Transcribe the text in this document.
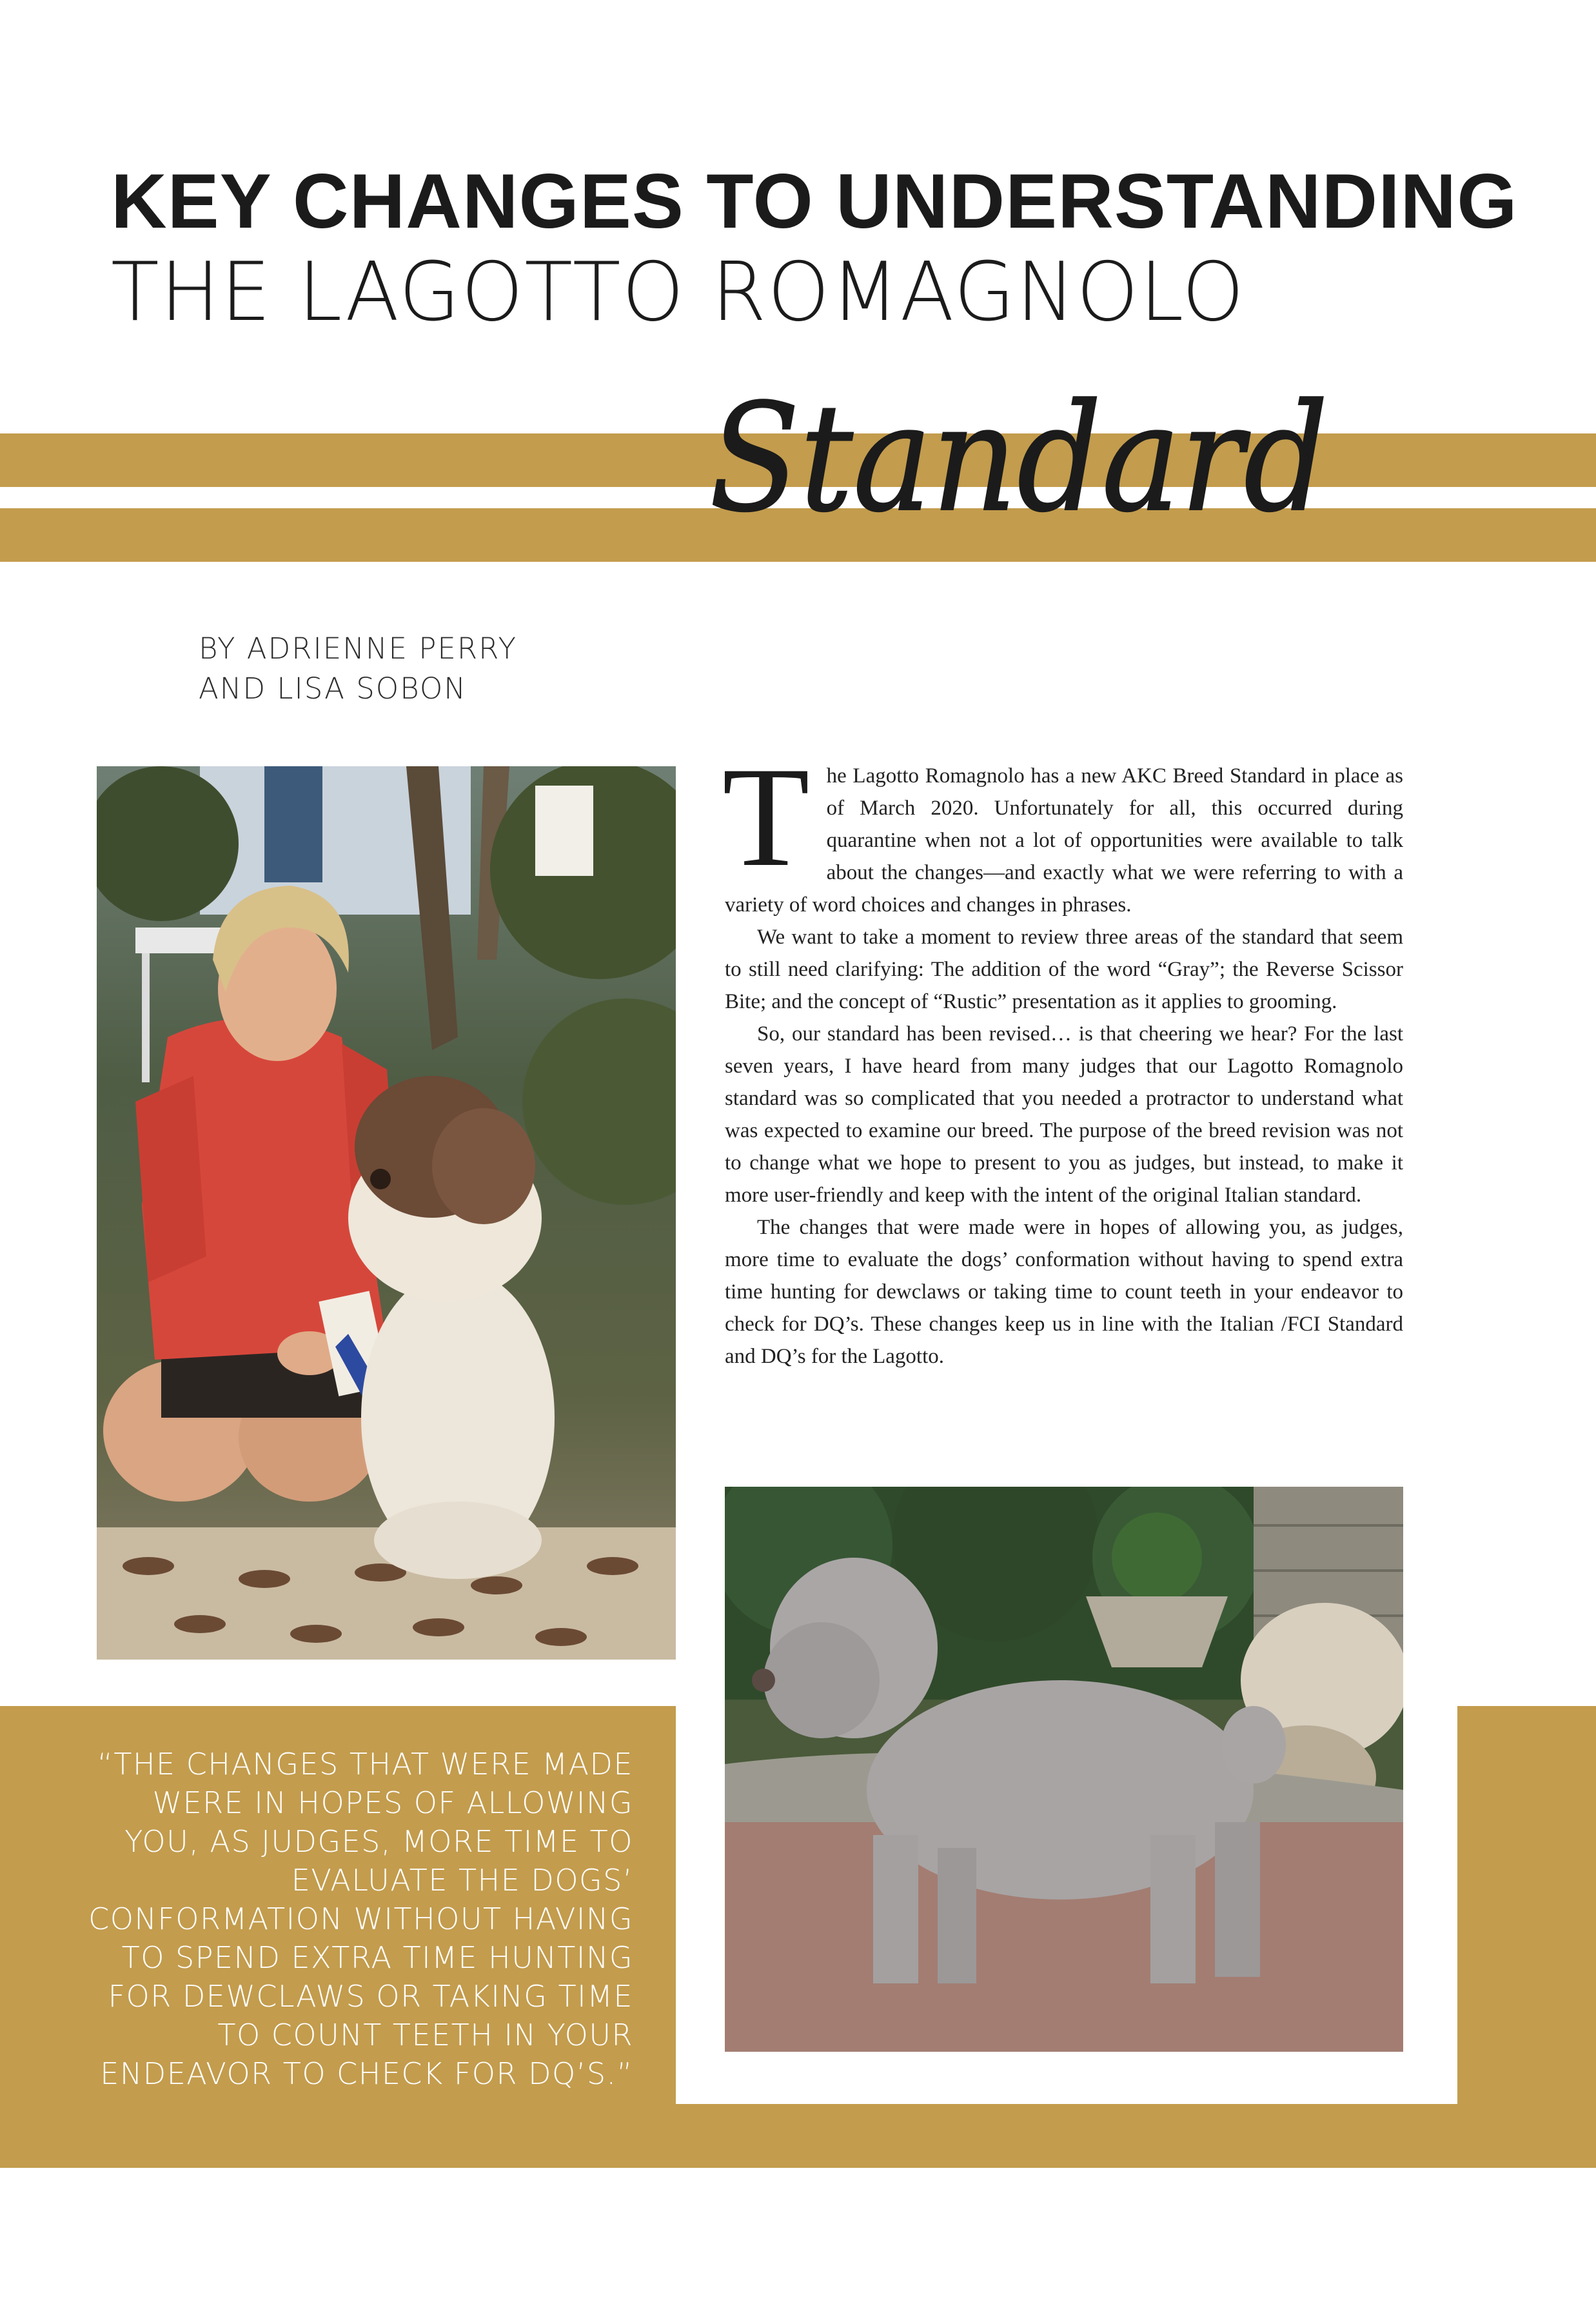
KEY CHANGES TO UNDERSTANDING
THE LAGOTTO ROMAGNOLO
Standard
BY ADRIENNE PERRY
AND LISA SOBON

The Lagotto Romagnolo has a new AKC Breed Standard in place as of March 2020. Unfortunately for all, this occurred during quarantine when not a lot of opportunities were available to talk about the changes—and exactly what we were referring to with a variety of word choices and changes in phrases.

We want to take a moment to review three areas of the standard that seem to still need clarifying: The addition of the word “Gray”; the Reverse Scissor Bite; and the concept of “Rustic” presentation as it applies to grooming.

So, our standard has been revised… is that cheering we hear? For the last seven years, I have heard from many judges that our Lagotto Romagnolo standard was so complicated that you needed a protractor to understand what was expected to examine our breed. The purpose of the breed revision was not to change what we hope to present to you as judges, but instead, to make it more user-friendly and keep with the intent of the original Italian standard.

The changes that were made were in hopes of allowing you, as judges, more time to evaluate the dogs’ conformation without having to spend extra time hunting for dewclaws or taking time to count teeth in your endeavor to check for DQ’s. These changes keep us in line with the Italian /FCI Standard and DQ’s for the Lagotto.

“THE CHANGES THAT WERE MADE WERE IN HOPES OF ALLOWING YOU, AS JUDGES, MORE TIME TO EVALUATE THE DOGS’ CONFORMATION WITHOUT HAVING TO SPEND EXTRA TIME HUNTING FOR DEWCLAWS OR TAKING TIME TO COUNT TEETH IN YOUR ENDEAVOR TO CHECK FOR DQ’S.”
